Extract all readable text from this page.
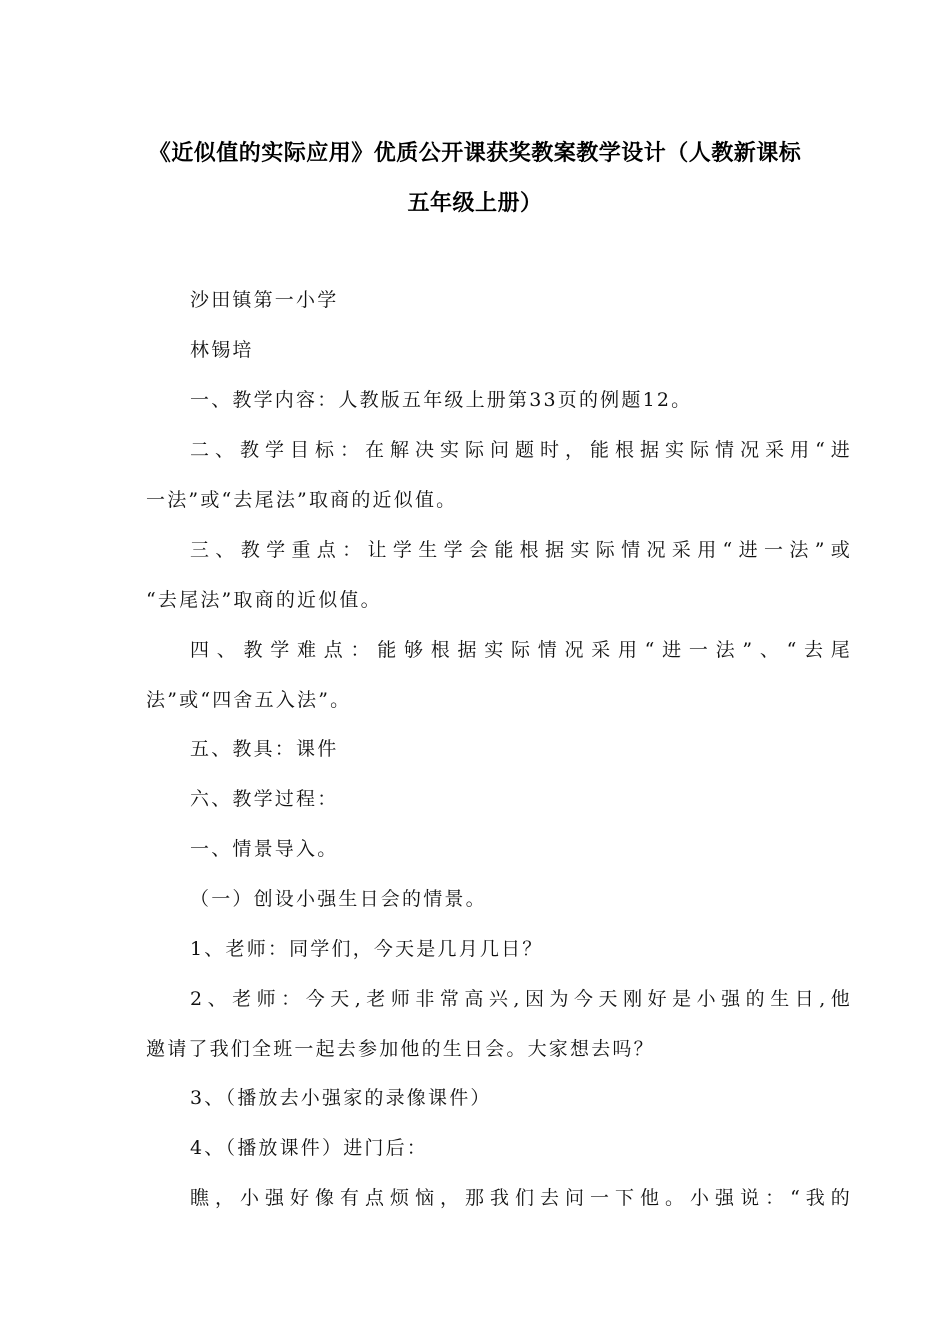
《近似值的实际应用》优质公开课获奖教案教学设计（人教新课标
五年级上册）
沙田镇第一小学
林锡培
一、教学内容：人教版五年级上册第33页的例题12。
二、教学目标：在解决实际问题时，能根据实际情况采用“进
一法”或“去尾法”取商的近似值。
三、教学重点：让学生学会能根据实际情况采用“进一法”或
“去尾法”取商的近似值。
四、教学难点：能够根据实际情况采用“进一法”、“去尾
法”或“四舍五入法”。
五、教具：课件
六、教学过程：
一、情景导入。
（一）创设小强生日会的情景。
1、老师：同学们，今天是几月几日？
2、老师：今天,老师非常高兴,因为今天刚好是小强的生日,他
邀请了我们全班一起去参加他的生日会。大家想去吗？
3、（播放去小强家的录像课件）
4、（播放课件）进门后：
瞧，小强好像有点烦恼，那我们去问一下他。小强说：“我的
